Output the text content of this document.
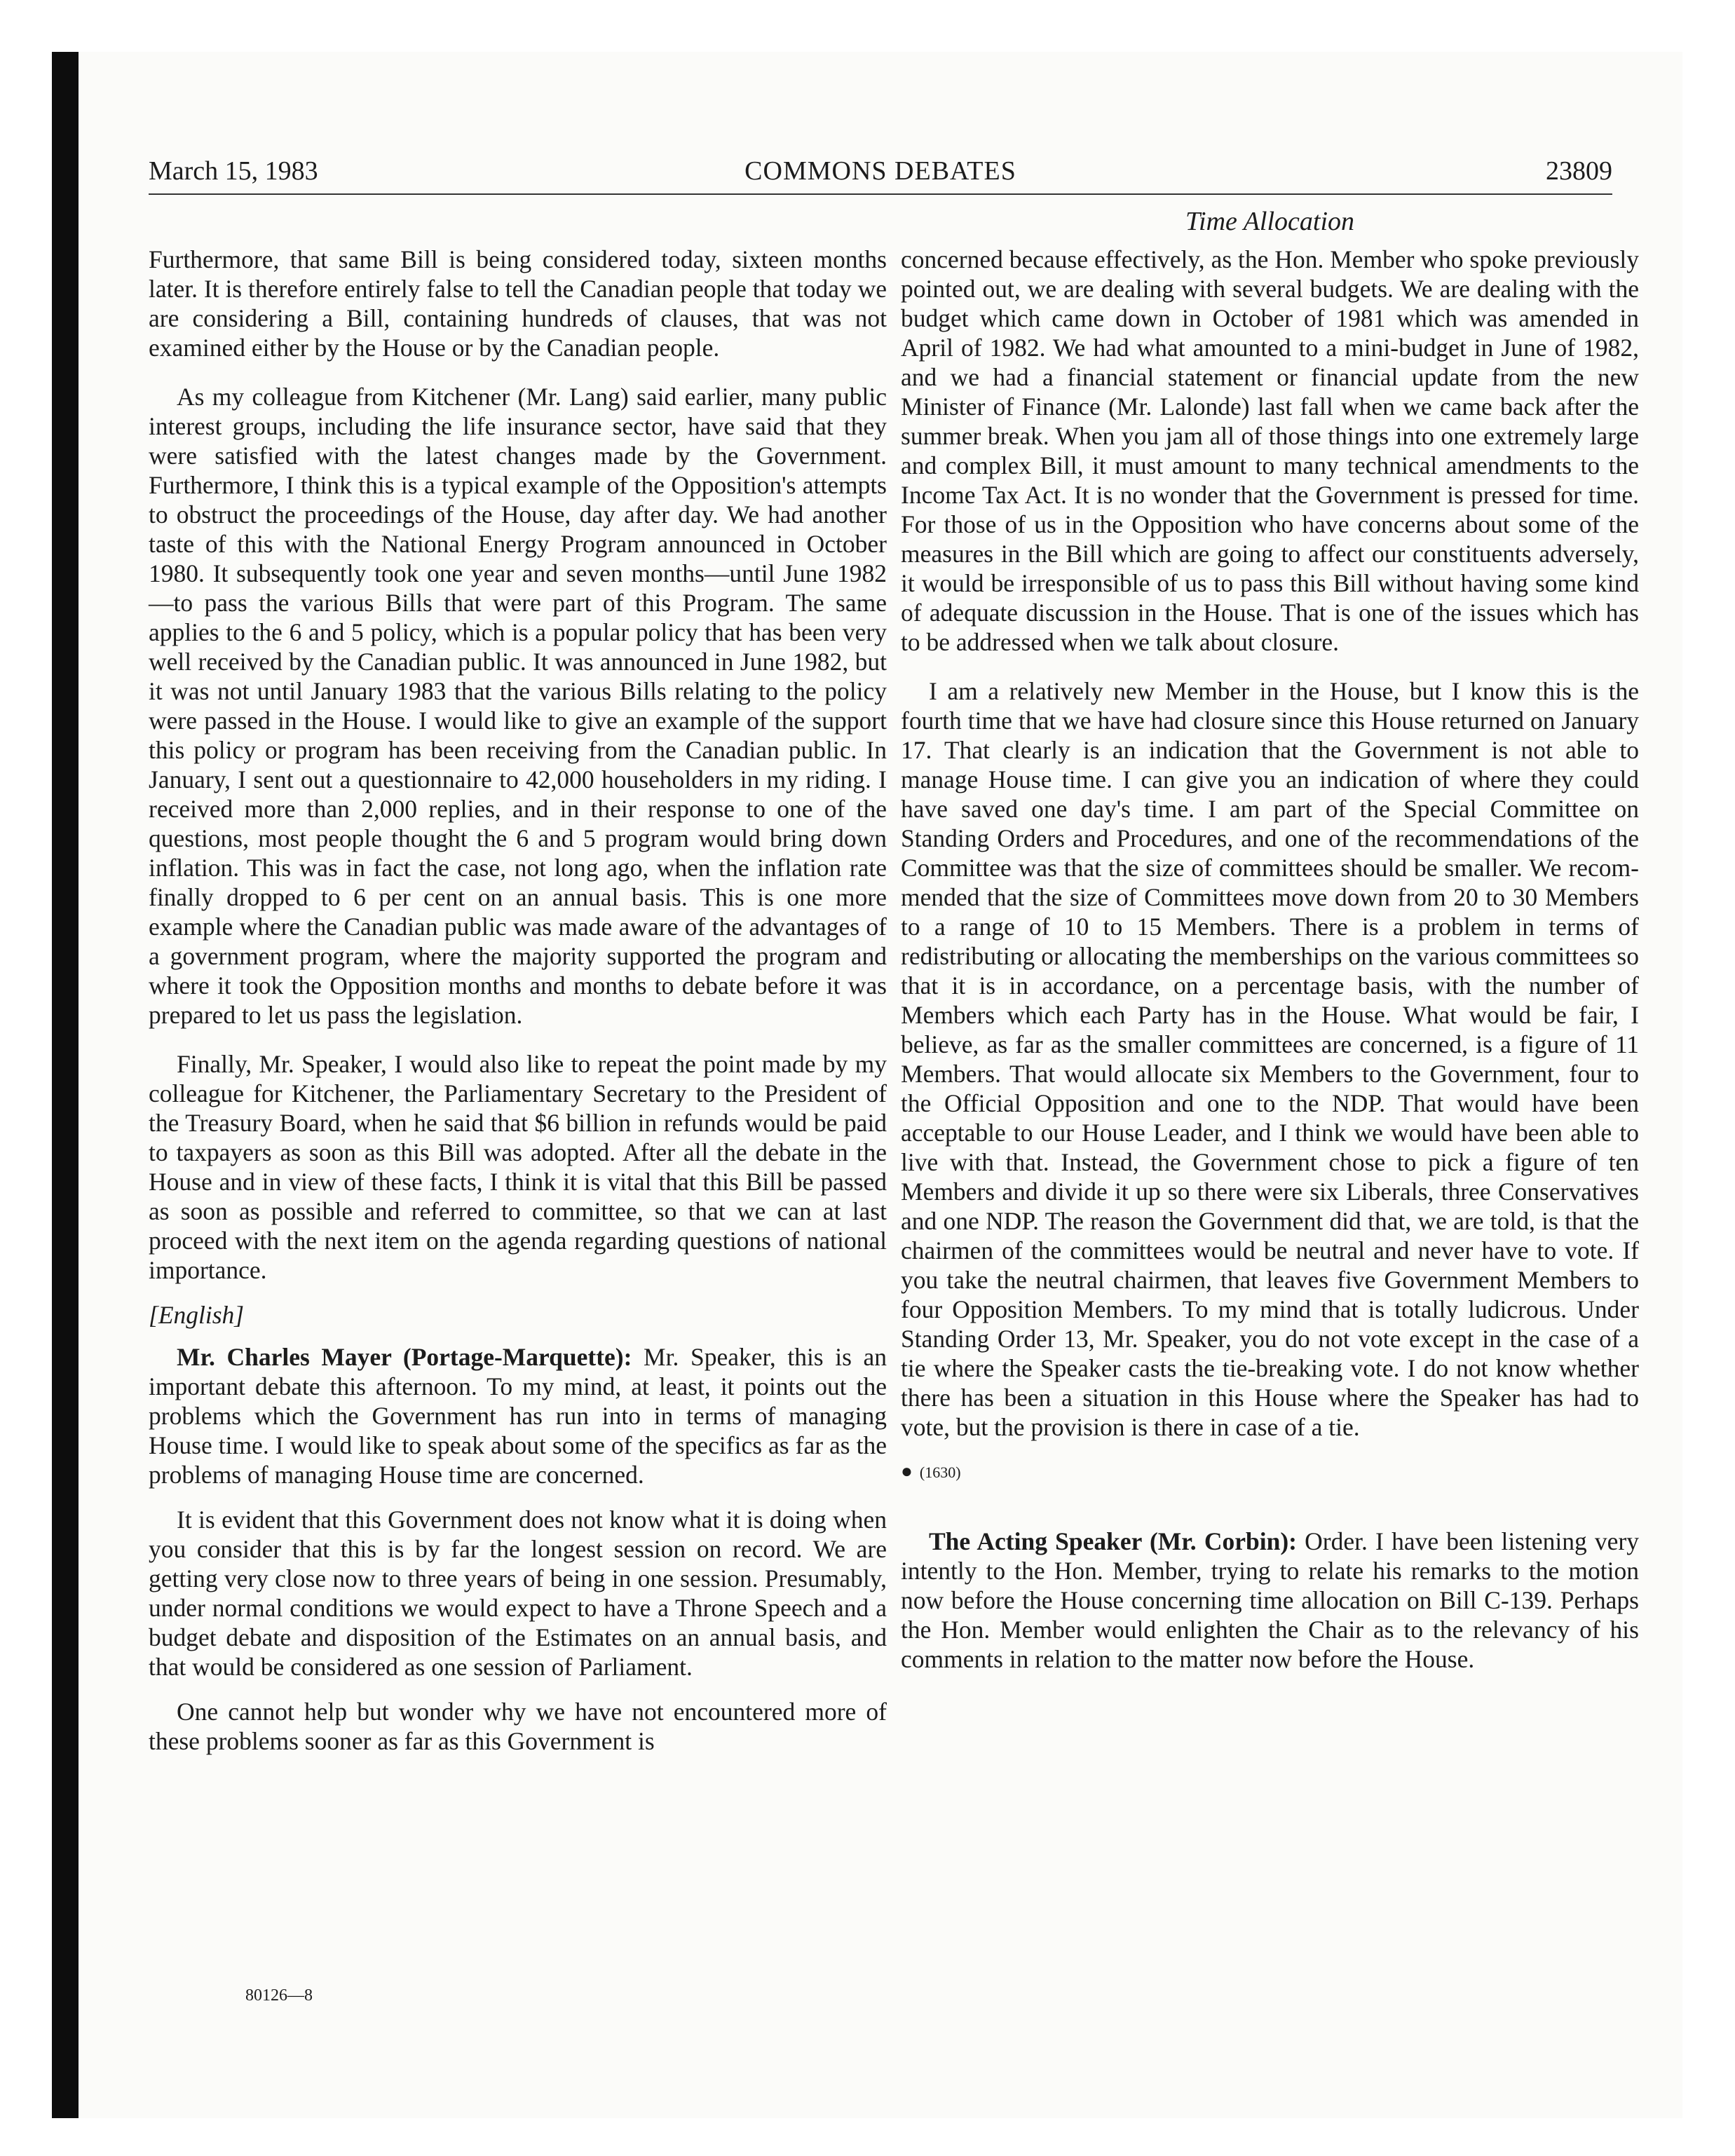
March 15, 1983	COMMONS DEBATES	23809
Time Allocation

Furthermore, that same Bill is being considered today, sixteen months later. It is therefore entirely false to tell the Canadian people that today we are considering a Bill, containing hundreds of clauses, that was not examined either by the House or by the Canadian people.

As my colleague from Kitchener (Mr. Lang) said earlier, many public interest groups, including the life insurance sector, have said that they were satisfied with the latest changes made by the Government. Furthermore, I think this is a typical example of the Opposition's attempts to obstruct the proceedings of the House, day after day. We had another taste of this with the National Energy Program announced in October 1980. It subsequently took one year and seven months—until June 1982—to pass the various Bills that were part of this Program. The same applies to the 6 and 5 policy, which is a popular policy that has been very well received by the Canadian public. It was announced in June 1982, but it was not until January 1983 that the various Bills relating to the policy were passed in the House. I would like to give an example of the support this policy or program has been receiving from the Canadian public. In January, I sent out a questionnaire to 42,000 householders in my riding. I received more than 2,000 replies, and in their response to one of the questions, most people thought the 6 and 5 program would bring down inflation. This was in fact the case, not long ago, when the inflation rate finally dropped to 6 per cent on an annual basis. This is one more example where the Canadian public was made aware of the advantages of a government program, where the majority supported the program and where it took the Opposition months and months to debate before it was prepared to let us pass the legislation.

Finally, Mr. Speaker, I would also like to repeat the point made by my colleague for Kitchener, the Parliamentary Secretary to the President of the Treasury Board, when he said that $6 billion in refunds would be paid to taxpayers as soon as this Bill was adopted. After all the debate in the House and in view of these facts, I think it is vital that this Bill be passed as soon as possible and referred to committee, so that we can at last proceed with the next item on the agenda regarding questions of national importance.

[English]

Mr. Charles Mayer (Portage-Marquette): Mr. Speaker, this is an important debate this afternoon. To my mind, at least, it points out the problems which the Government has run into in terms of managing House time. I would like to speak about some of the specifics as far as the problems of managing House time are concerned.

It is evident that this Government does not know what it is doing when you consider that this is by far the longest session on record. We are getting very close now to three years of being in one session. Presumably, under normal conditions we would expect to have a Throne Speech and a budget debate and disposition of the Estimates on an annual basis, and that would be considered as one session of Parliament.

One cannot help but wonder why we have not encountered more of these problems sooner as far as this Government is

concerned because effectively, as the Hon. Member who spoke previously pointed out, we are dealing with several budgets. We are dealing with the budget which came down in October of 1981 which was amended in April of 1982. We had what amounted to a mini-budget in June of 1982, and we had a financial statement or financial update from the new Minister of Finance (Mr. Lalonde) last fall when we came back after the summer break. When you jam all of those things into one extremely large and complex Bill, it must amount to many technical amendments to the Income Tax Act. It is no wonder that the Government is pressed for time. For those of us in the Opposition who have concerns about some of the measures in the Bill which are going to affect our constituents adversely, it would be irresponsible of us to pass this Bill without having some kind of adequate discussion in the House. That is one of the issues which has to be addressed when we talk about closure.

I am a relatively new Member in the House, but I know this is the fourth time that we have had closure since this House returned on January 17. That clearly is an indication that the Government is not able to manage House time. I can give you an indication of where they could have saved one day's time. I am part of the Special Committee on Standing Orders and Procedures, and one of the recommendations of the Committee was that the size of committees should be smaller. We recommended that the size of Committees move down from 20 to 30 Members to a range of 10 to 15 Members. There is a problem in terms of redistributing or allocating the memberships on the various committees so that it is in accordance, on a percentage basis, with the number of Members which each Party has in the House. What would be fair, I believe, as far as the smaller committees are concerned, is a figure of 11 Members. That would allocate six Members to the Government, four to the Official Opposition and one to the NDP. That would have been acceptable to our House Leader, and I think we would have been able to live with that. Instead, the Government chose to pick a figure of ten Members and divide it up so there were six Liberals, three Conservatives and one NDP. The reason the Government did that, we are told, is that the chairmen of the committees would be neutral and never have to vote. If you take the neutral chairmen, that leaves five Government Members to four Opposition Members. To my mind that is totally ludicrous. Under Standing Order 13, Mr. Speaker, you do not vote except in the case of a tie where the Speaker casts the tie-breaking vote. I do not know whether there has been a situation in this House where the Speaker has had to vote, but the provision is there in case of a tie.

● (1630)

The Acting Speaker (Mr. Corbin): Order. I have been listening very intently to the Hon. Member, trying to relate his remarks to the motion now before the House concerning time allocation on Bill C-139. Perhaps the Hon. Member would enlighten the Chair as to the relevancy of his comments in relation to the matter now before the House.

80126—8
